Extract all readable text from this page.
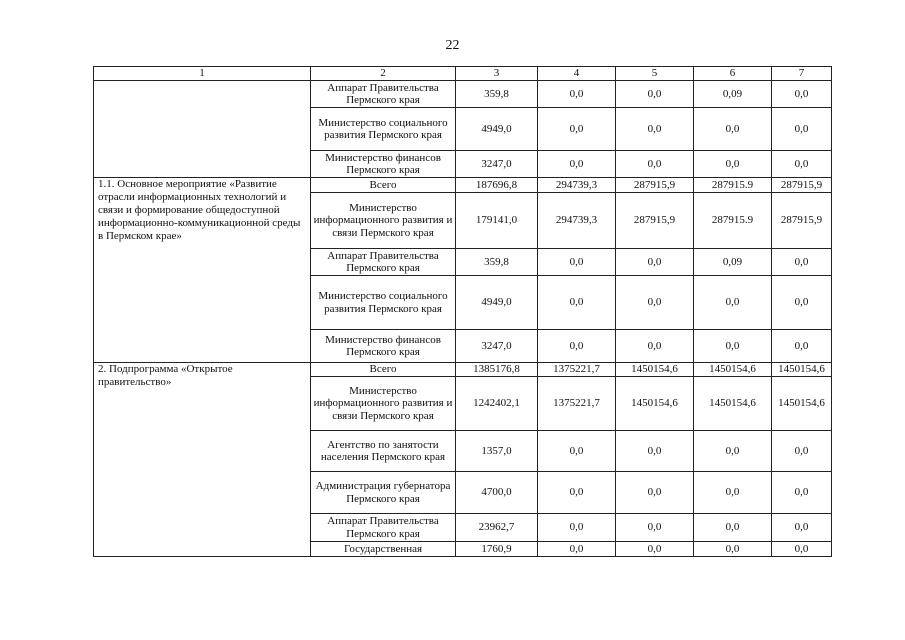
22
1	2	3	4	5	6	7
	Аппарат Правительства Пермского края	359,8	0,0	0,0	0,09	0,0
	Министерство социального развития Пермского края	4949,0	0,0	0,0	0,0	0,0
	Министерство финансов Пермского края	3247,0	0,0	0,0	0,0	0,0
1.1. Основное мероприятие «Развитие отрасли информационных технологий и связи и формирование общедоступной информационно-коммуникационной среды в Пермском крае»	Всего	187696,8	294739,3	287915,9	287915.9	287915,9
	Министерство информационного развития и связи Пермского края	179141,0	294739,3	287915,9	287915.9	287915,9
	Аппарат Правительства Пермского края	359,8	0,0	0,0	0,09	0,0
	Министерство социального развития Пермского края	4949,0	0,0	0,0	0,0	0,0
	Министерство финансов Пермского края	3247,0	0,0	0,0	0,0	0,0
2. Подпрограмма «Открытое правительство»	Всего	1385176,8	1375221,7	1450154,6	1450154,6	1450154,6
	Министерство информационного развития и связи Пермского края	1242402,1	1375221,7	1450154,6	1450154,6	1450154,6
	Агентство по занятости населения Пермского края	1357,0	0,0	0,0	0,0	0,0
	Администрация губернатора Пермского края	4700,0	0,0	0,0	0,0	0,0
	Аппарат Правительства Пермского края	23962,7	0,0	0,0	0,0	0,0
	Государственная	1760,9	0,0	0,0	0,0	0,0
